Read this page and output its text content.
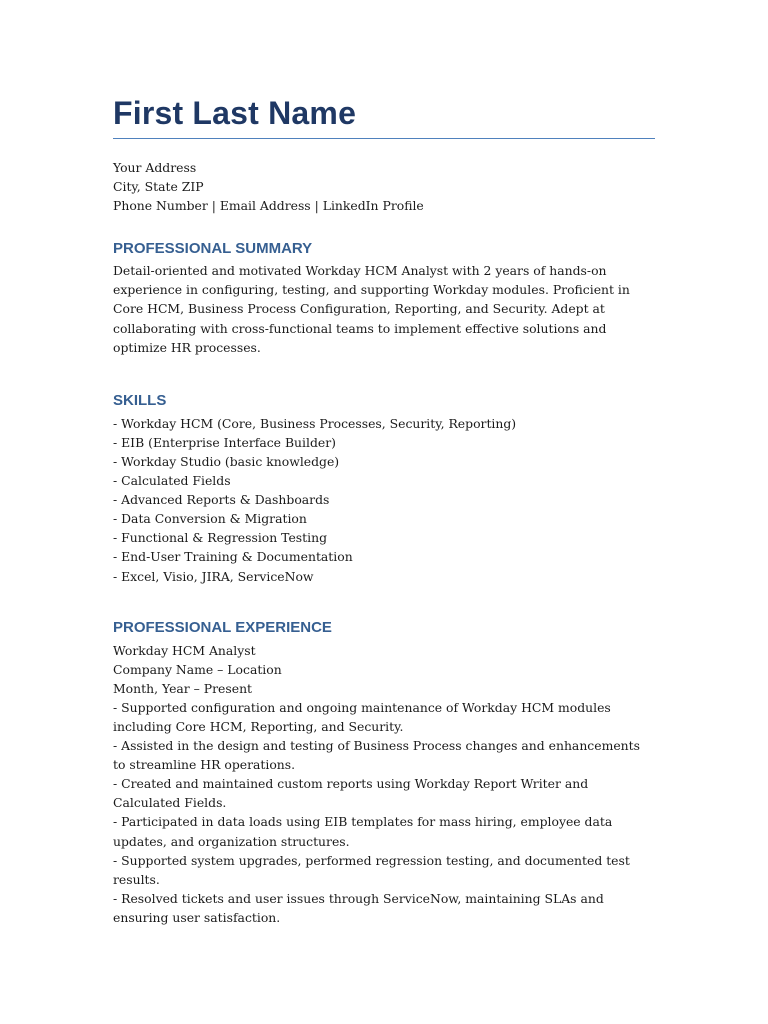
First Last Name
Your Address
City, State ZIP
Phone Number | Email Address | LinkedIn Profile
PROFESSIONAL SUMMARY

Detail-oriented and motivated Workday HCM Analyst with 2 years of hands-on experience in configuring, testing, and supporting Workday modules. Proficient in Core HCM, Business Process Configuration, Reporting, and Security. Adept at collaborating with cross-functional teams to implement effective solutions and optimize HR processes.

SKILLS
- Workday HCM (Core, Business Processes, Security, Reporting)
- EIB (Enterprise Interface Builder)
- Workday Studio (basic knowledge)
- Calculated Fields
- Advanced Reports & Dashboards
- Data Conversion & Migration
- Functional & Regression Testing
- End-User Training & Documentation
- Excel, Visio, JIRA, ServiceNow
PROFESSIONAL EXPERIENCE
Workday HCM Analyst
Company Name – Location
Month, Year – Present
- Supported configuration and ongoing maintenance of Workday HCM modules including Core HCM, Reporting, and Security.
- Assisted in the design and testing of Business Process changes and enhancements to streamline HR operations.
- Created and maintained custom reports using Workday Report Writer and Calculated Fields.
- Participated in data loads using EIB templates for mass hiring, employee data updates, and organization structures.
- Supported system upgrades, performed regression testing, and documented test results.
- Resolved tickets and user issues through ServiceNow, maintaining SLAs and ensuring user satisfaction.
